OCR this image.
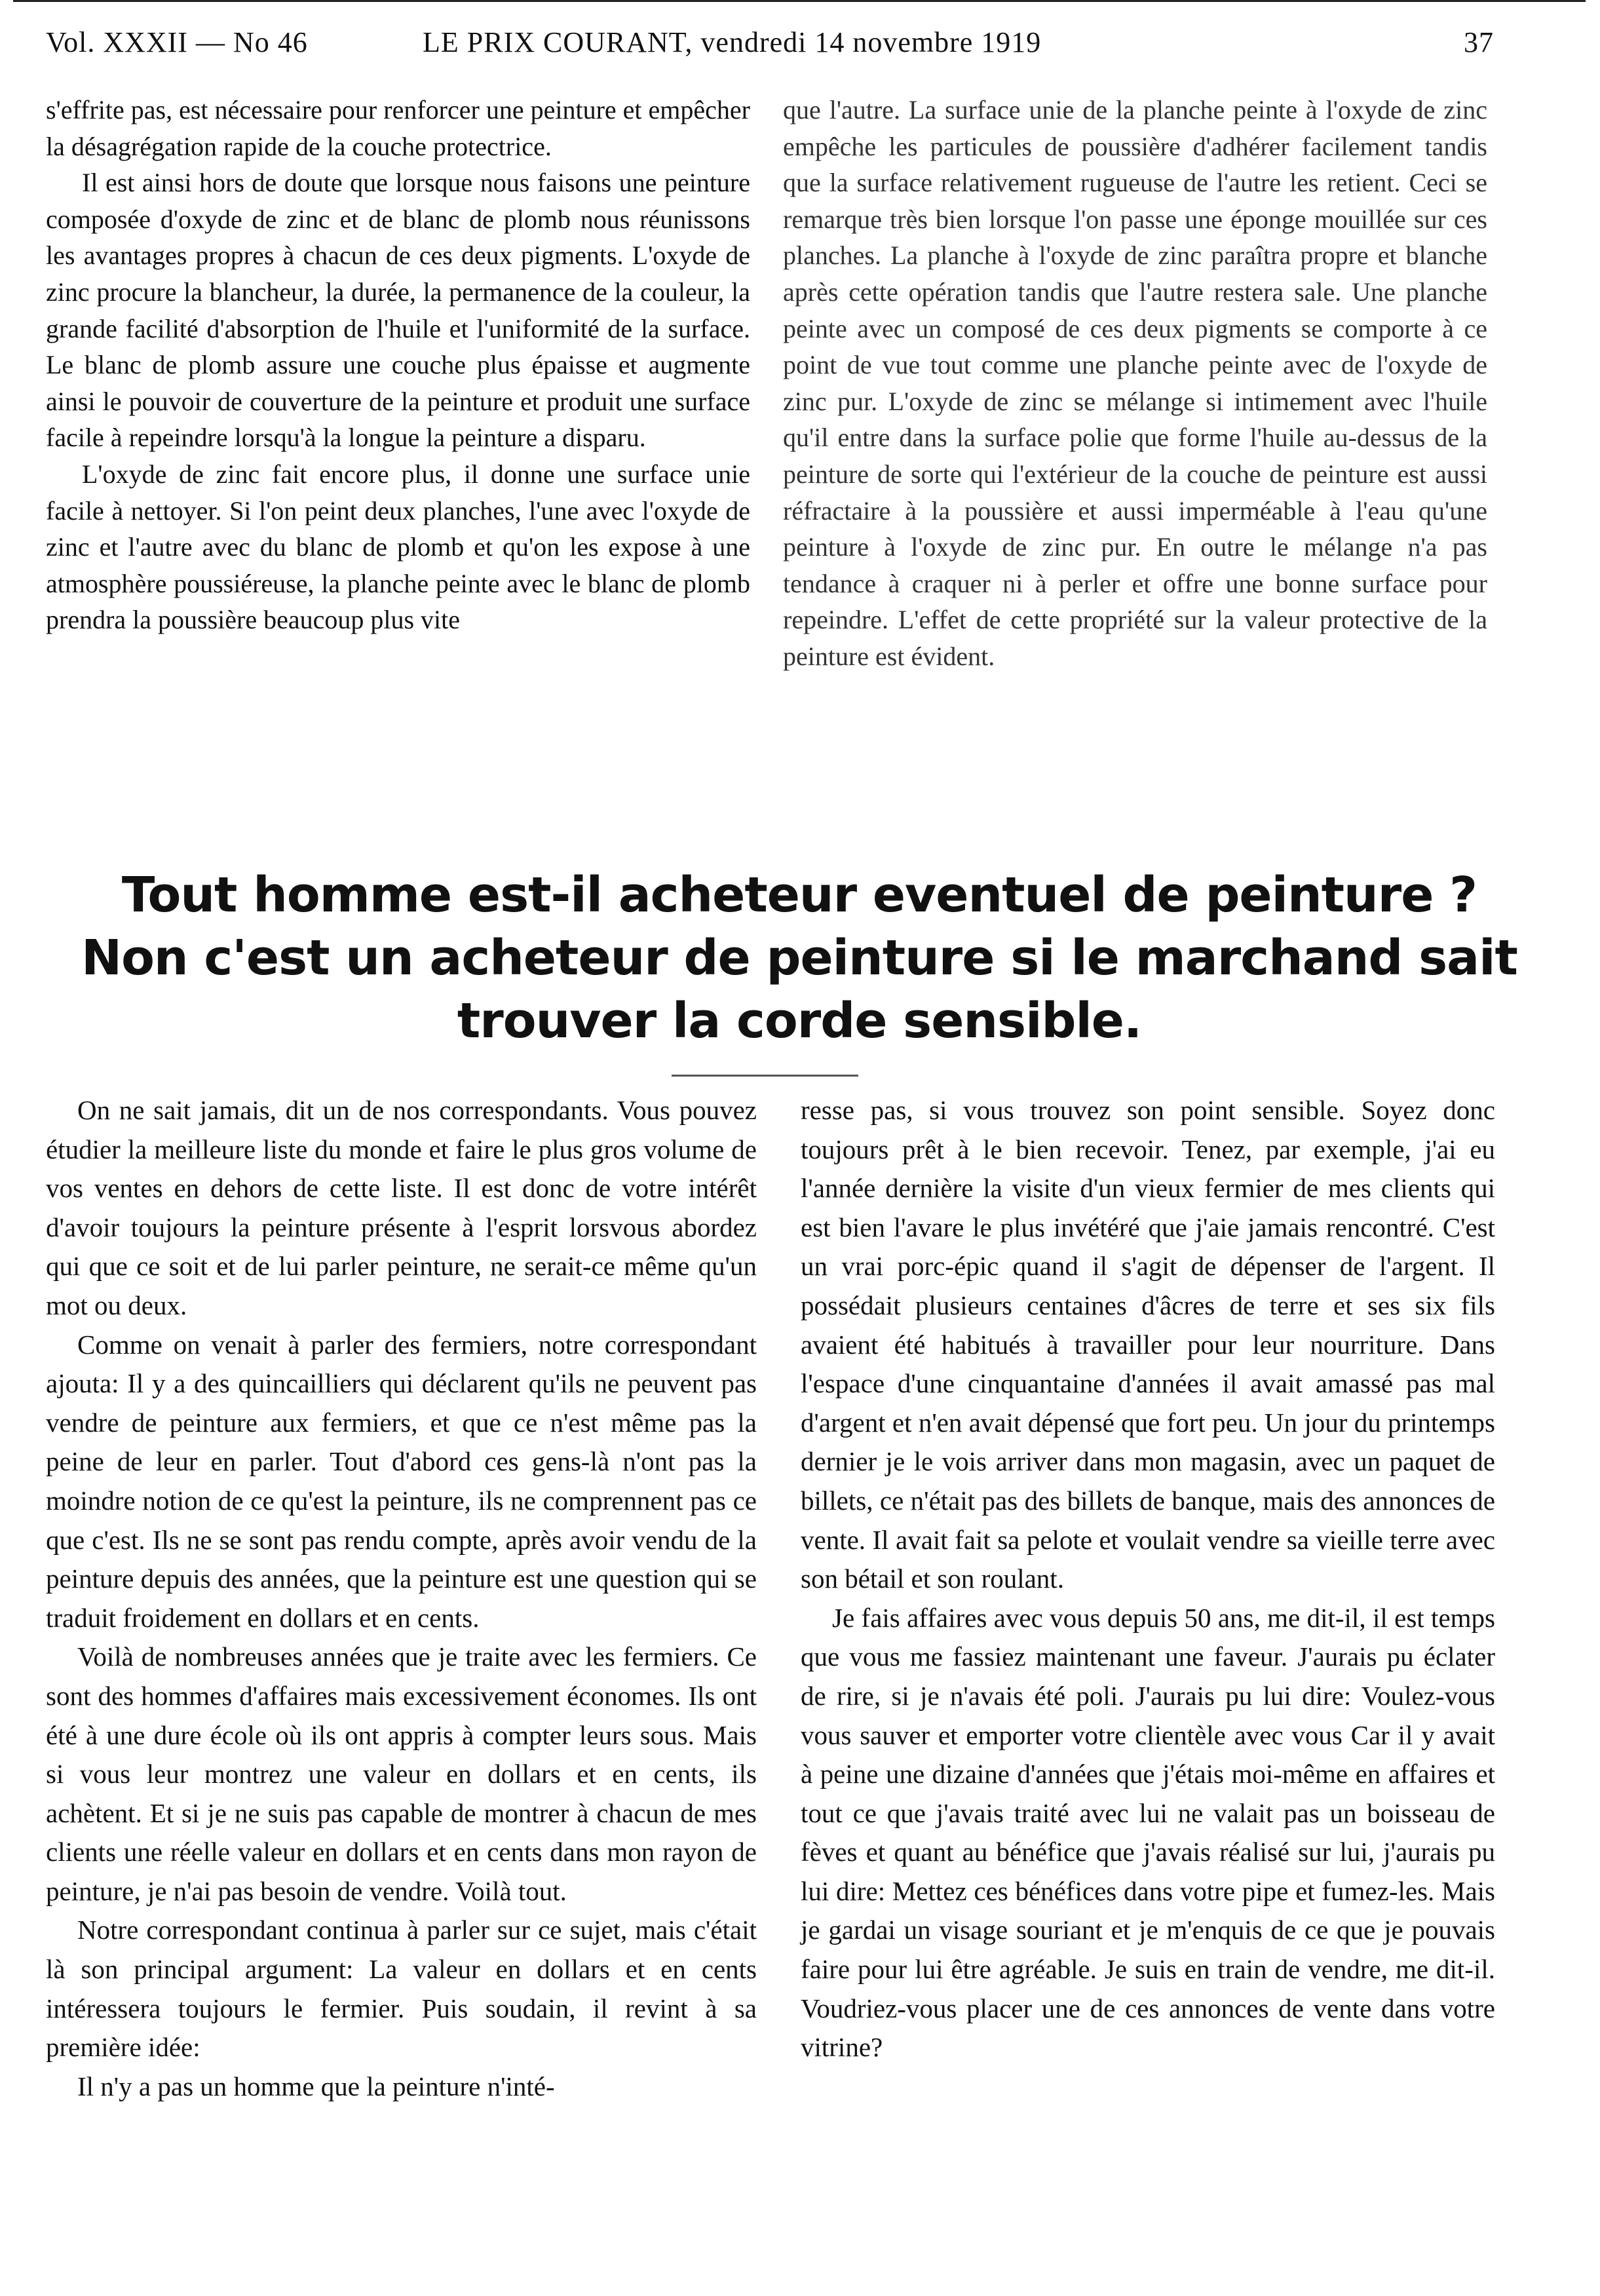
Vol. XXXII — No 46	LE PRIX COURANT, vendredi 14 novembre 1919	37

s'effrite pas, est nécessaire pour renforcer une peinture et empêcher la désagrégation rapide de la couche protectrice.

Il est ainsi hors de doute que lorsque nous faisons une peinture composée d'oxyde de zinc et de blanc de plomb nous réunissons les avantages propres à chacun de ces deux pigments. L'oxyde de zinc procure la blancheur, la durée, la permanence de la couleur, la grande facilité d'absorption de l'huile et l'uniformité de la surface. Le blanc de plomb assure une couche plus épaisse et augmente ainsi le pouvoir de couverture de la peinture et produit une surface facile à repeindre lorsqu'à la longue la peinture a disparu.

L'oxyde de zinc fait encore plus, il donne une surface unie facile à nettoyer. Si l'on peint deux planches, l'une avec l'oxyde de zinc et l'autre avec du blanc de plomb et qu'on les expose à une atmosphère poussiéreuse, la planche peinte avec le blanc de plomb prendra la poussière beaucoup plus vite

que l'autre. La surface unie de la planche peinte à l'oxyde de zinc empêche les particules de poussière d'adhérer facilement tandis que la surface relativement rugueuse de l'autre les retient. Ceci se remarque très bien lorsque l'on passe une éponge mouillée sur ces planches. La planche à l'oxyde de zinc paraîtra propre et blanche après cette opération tandis que l'autre restera sale. Une planche peinte avec un composé de ces deux pigments se comporte à ce point de vue tout comme une planche peinte avec de l'oxyde de zinc pur. L'oxyde de zinc se mélange si intimement avec l'huile qu'il entre dans la surface polie que forme l'huile au-dessus de la peinture de sorte qui l'extérieur de la couche de peinture est aussi réfractaire à la poussière et aussi imperméable à l'eau qu'une peinture à l'oxyde de zinc pur. En outre le mélange n'a pas tendance à craquer ni à perler et offre une bonne surface pour repeindre. L'effet de cette propriété sur la valeur protective de la peinture est évident.

Tout homme est-il acheteur eventuel de peinture ?
Non c'est un acheteur de peinture si le marchand sait trouver la corde sensible.

On ne sait jamais, dit un de nos correspondants. Vous pouvez étudier la meilleure liste du monde et faire le plus gros volume de vos ventes en dehors de cette liste. Il est donc de votre intérêt d'avoir toujours la peinture présente à l'esprit lorsvous abordez qui que ce soit et de lui parler peinture, ne serait-ce même qu'un mot ou deux.

Comme on venait à parler des fermiers, notre correspondant ajouta: Il y a des quincailliers qui déclarent qu'ils ne peuvent pas vendre de peinture aux fermiers, et que ce n'est même pas la peine de leur en parler. Tout d'abord ces gens-là n'ont pas la moindre notion de ce qu'est la peinture, ils ne comprennent pas ce que c'est. Ils ne se sont pas rendu compte, après avoir vendu de la peinture depuis des années, que la peinture est une question qui se traduit froidement en dollars et en cents.

Voilà de nombreuses années que je traite avec les fermiers. Ce sont des hommes d'affaires mais excessivement économes. Ils ont été à une dure école où ils ont appris à compter leurs sous. Mais si vous leur montrez une valeur en dollars et en cents, ils achètent. Et si je ne suis pas capable de montrer à chacun de mes clients une réelle valeur en dollars et en cents dans mon rayon de peinture, je n'ai pas besoin de vendre. Voilà tout.

Notre correspondant continua à parler sur ce sujet, mais c'était là son principal argument: La valeur en dollars et en cents intéressera toujours le fermier. Puis soudain, il revint à sa première idée:

Il n'y a pas un homme que la peinture n'inté-

resse pas, si vous trouvez son point sensible. Soyez donc toujours prêt à le bien recevoir. Tenez, par exemple, j'ai eu l'année dernière la visite d'un vieux fermier de mes clients qui est bien l'avare le plus invétéré que j'aie jamais rencontré. C'est un vrai porc-épic quand il s'agit de dépenser de l'argent. Il possédait plusieurs centaines d'âcres de terre et ses six fils avaient été habitués à travailler pour leur nourriture. Dans l'espace d'une cinquantaine d'années il avait amassé pas mal d'argent et n'en avait dépensé que fort peu. Un jour du printemps dernier je le vois arriver dans mon magasin, avec un paquet de billets, ce n'était pas des billets de banque, mais des annonces de vente. Il avait fait sa pelote et voulait vendre sa vieille terre avec son bétail et son roulant.

Je fais affaires avec vous depuis 50 ans, me dit-il, il est temps que vous me fassiez maintenant une faveur. J'aurais pu éclater de rire, si je n'avais été poli. J'aurais pu lui dire: Voulez-vous vous sauver et emporter votre clientèle avec vous Car il y avait à peine une dizaine d'années que j'étais moi-même en affaires et tout ce que j'avais traité avec lui ne valait pas un boisseau de fèves et quant au bénéfice que j'avais réalisé sur lui, j'aurais pu lui dire: Mettez ces bénéfices dans votre pipe et fumez-les. Mais je gardai un visage souriant et je m'enquis de ce que je pouvais faire pour lui être agréable. Je suis en train de vendre, me dit-il. Voudriez-vous placer une de ces annonces de vente dans votre vitrine?
